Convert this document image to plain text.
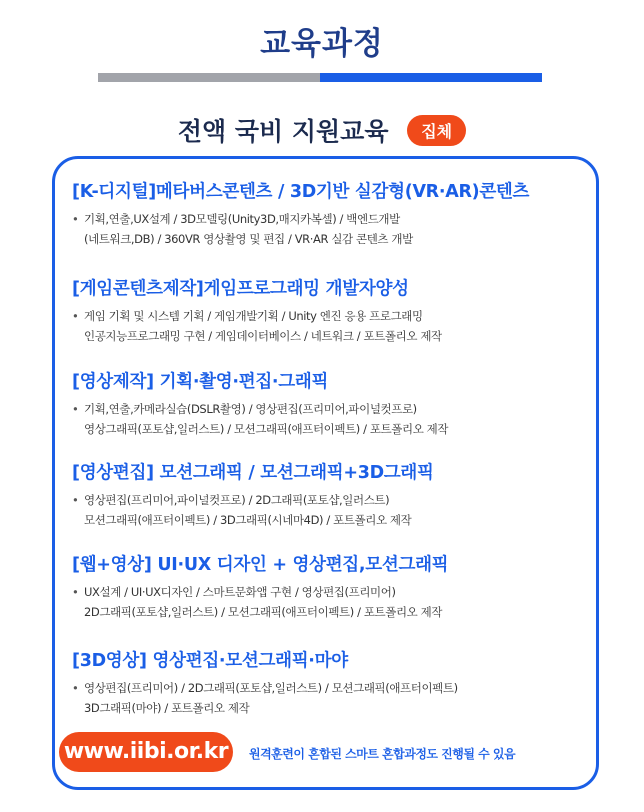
교육과정
전액 국비 지원교육 집체
[K-디지털]메타버스콘텐츠 / 3D기반 실감형(VR·AR)콘텐츠
• 기획,연출,UX설계 / 3D모델링(Unity3D,매지카복셀) / 백엔드개발
(네트워크,DB) / 360VR 영상촬영 및 편집 / VR·AR 실감 콘텐츠 개발
[게임콘텐츠제작]게임프로그래밍 개발자양성
• 게임 기획 및 시스템 기획 / 게임개발기획 / Unity 엔진 응용 프로그래밍
인공지능프로그래밍 구현 / 게임데이터베이스 / 네트워크 / 포트폴리오 제작
[영상제작] 기획·촬영·편집·그래픽
• 기획,연출,카메라실습(DSLR촬영) / 영상편집(프리미어,파이널컷프로)
영상그래픽(포토샵,일러스트) / 모션그래픽(애프터이펙트) / 포트폴리오 제작
[영상편집] 모션그래픽 / 모션그래픽+3D그래픽
• 영상편집(프리미어,파이널컷프로) / 2D그래픽(포토샵,일러스트)
모션그래픽(애프터이펙트) / 3D그래픽(시네마4D) / 포트폴리오 제작
[웹+영상] UI·UX 디자인 + 영상편집,모션그래픽
• UX설계 / UI·UX디자인 / 스마트문화앱 구현 / 영상편집(프리미어)
2D그래픽(포토샵,일러스트) / 모션그래픽(애프터이펙트) / 포트폴리오 제작
[3D영상] 영상편집·모션그래픽·마야
• 영상편집(프리미어) / 2D그래픽(포토샵,일러스트) / 모션그래픽(애프터이펙트)
3D그래픽(마야) / 포트폴리오 제작
www.iibi.or.kr	원격훈련이 혼합된 스마트 혼합과정도 진행될 수 있음
